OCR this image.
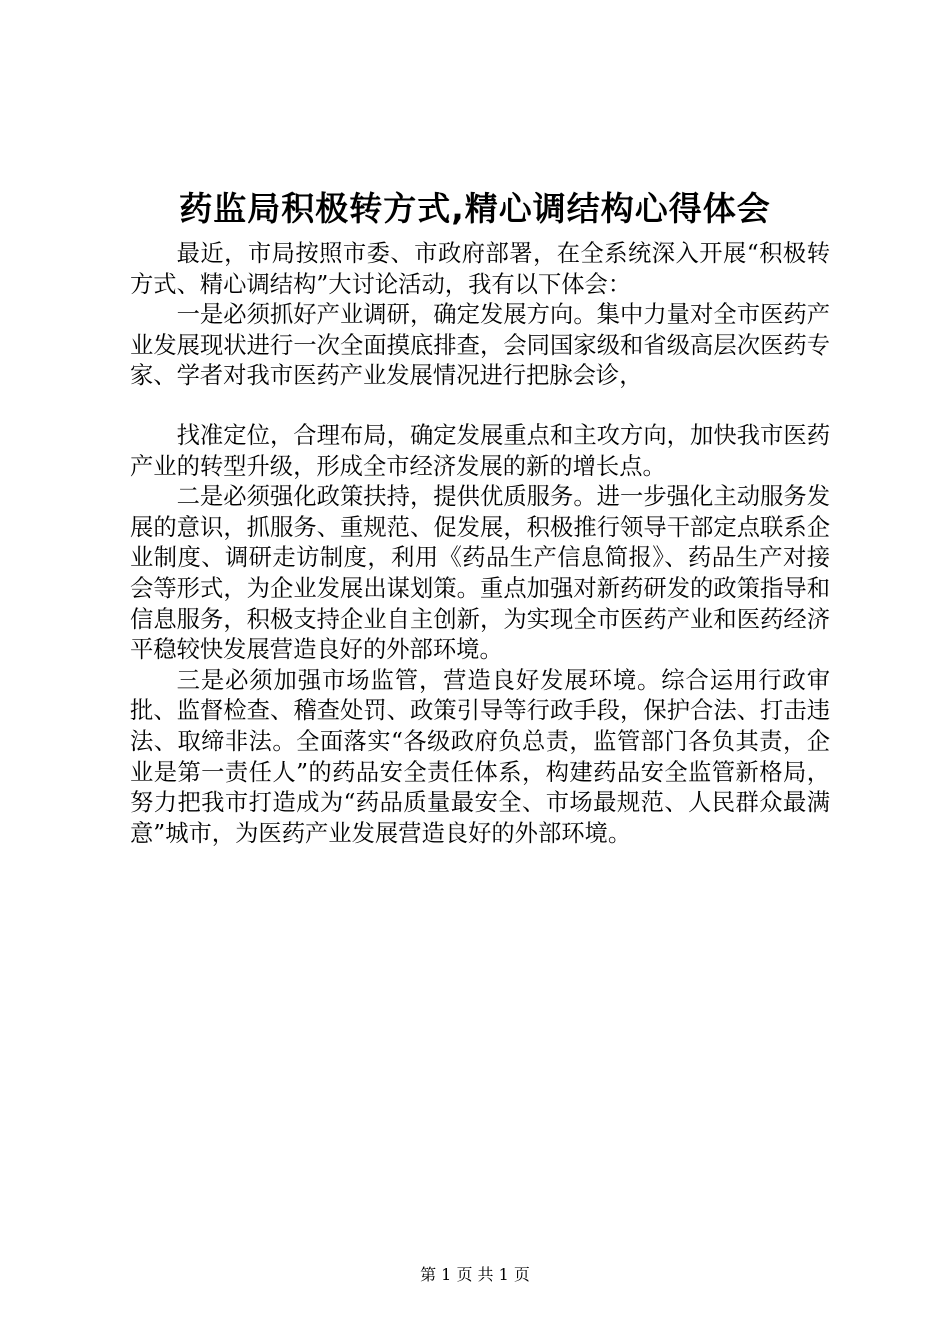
药监局积极转方式,精心调结构心得体会

最近，市局按照市委、市政府部署，在全系统深入开展“积极转方式、精心调结构”大讨论活动，我有以下体会：

一是必须抓好产业调研，确定发展方向。集中力量对全市医药产业发展现状进行一次全面摸底排查，会同国家级和省级高层次医药专家、学者对我市医药产业发展情况进行把脉会诊，

找准定位，合理布局，确定发展重点和主攻方向，加快我市医药产业的转型升级，形成全市经济发展的新的增长点。

二是必须强化政策扶持，提供优质服务。进一步强化主动服务发展的意识，抓服务、重规范、促发展，积极推行领导干部定点联系企业制度、调研走访制度，利用《药品生产信息简报》、药品生产对接会等形式，为企业发展出谋划策。重点加强对新药研发的政策指导和信息服务，积极支持企业自主创新，为实现全市医药产业和医药经济平稳较快发展营造良好的外部环境。

三是必须加强市场监管，营造良好发展环境。综合运用行政审批、监督检查、稽查处罚、政策引导等行政手段，保护合法、打击违法、取缔非法。全面落实“各级政府负总责，监管部门各负其责，企业是第一责任人”的药品安全责任体系，构建药品安全监管新格局，努力把我市打造成为“药品质量最安全、市场最规范、人民群众最满意”城市，为医药产业发展营造良好的外部环境。

第 1 页 共 1 页
